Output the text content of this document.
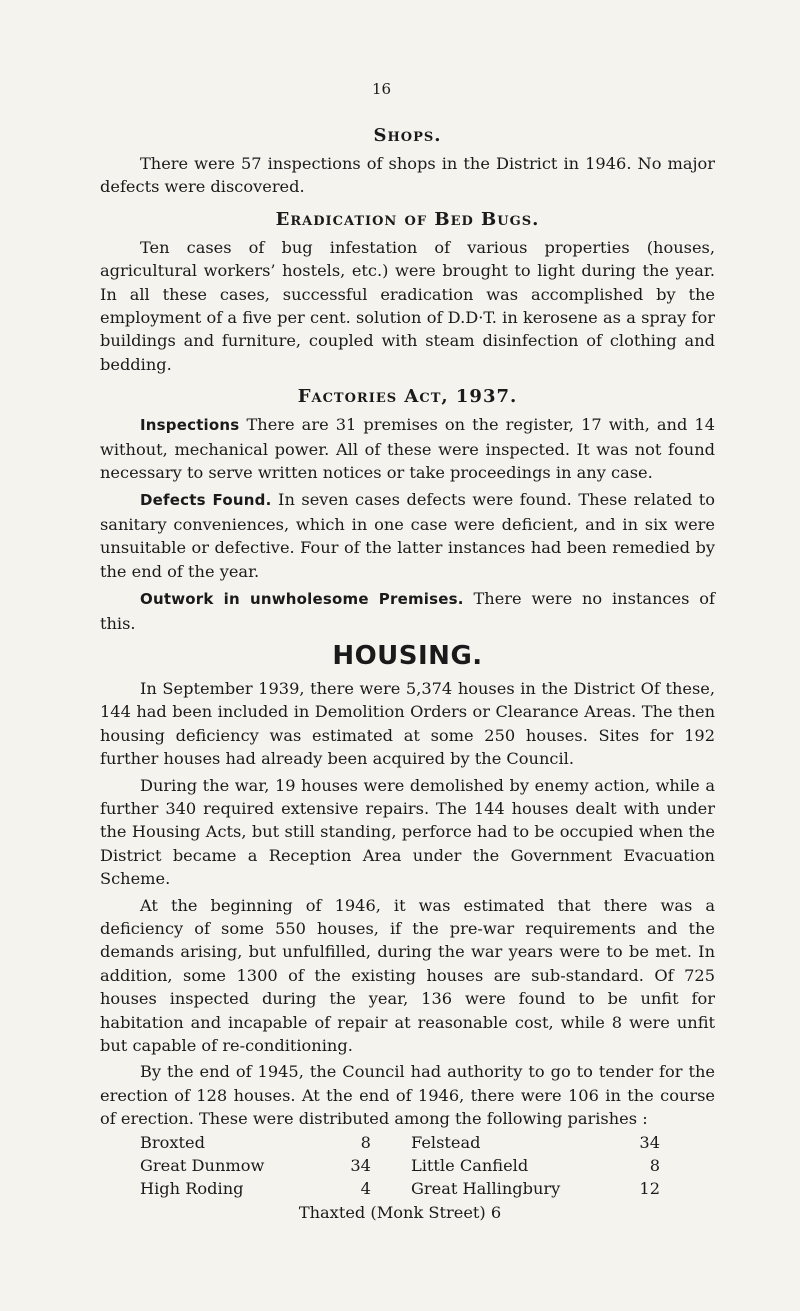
16
Shops.

There were 57 inspections of shops in the District in 1946. No major defects were discovered.

Eradication of Bed Bugs.

Ten cases of bug infestation of various properties (houses, agricultural workers’ hostels, etc.) were brought to light during the year. In all these cases, successful eradication was accomplished by the employment of a five per cent. solution of D.D·T. in kerosene as a spray for buildings and furniture, coupled with steam disinfection of clothing and bedding.

Factories Act, 1937.

Inspections There are 31 premises on the register, 17 with, and 14 without, mechanical power. All of these were inspected. It was not found necessary to serve written notices or take proceedings in any case.

Defects Found. In seven cases defects were found. These related to sanitary conveniences, which in one case were deficient, and in six were unsuitable or defective. Four of the latter instances had been remedied by the end of the year.

Outwork in unwholesome Premises. There were no instances of this.

HOUSING.

In September 1939, there were 5,374 houses in the District Of these, 144 had been included in Demolition Orders or Clearance Areas. The then housing deficiency was estimated at some 250 houses. Sites for 192 further houses had already been acquired by the Council.

During the war, 19 houses were demolished by enemy action, while a further 340 required extensive repairs. The 144 houses dealt with under the Housing Acts, but still standing, perforce had to be occupied when the District became a Reception Area under the Government Evacuation Scheme.

At the beginning of 1946, it was estimated that there was a deficiency of some 550 houses, if the pre-war requirements and the demands arising, but unfulfilled, during the war years were to be met. In addition, some 1300 of the existing houses are sub-standard. Of 725 houses inspected during the year, 136 were found to be unfit for habitation and incapable of repair at reasonable cost, while 8 were unfit but capable of re-conditioning.

By the end of 1945, the Council had authority to go to tender for the erection of 128 houses. At the end of 1946, there were 106 in the course of erection. These were distributed among the following parishes :

Broxted	8	Felstead	34
Great Dunmow	34	Little Canfield	8
High Roding	4	Great Hallingbury	12
Thaxted (Monk Street) 6
